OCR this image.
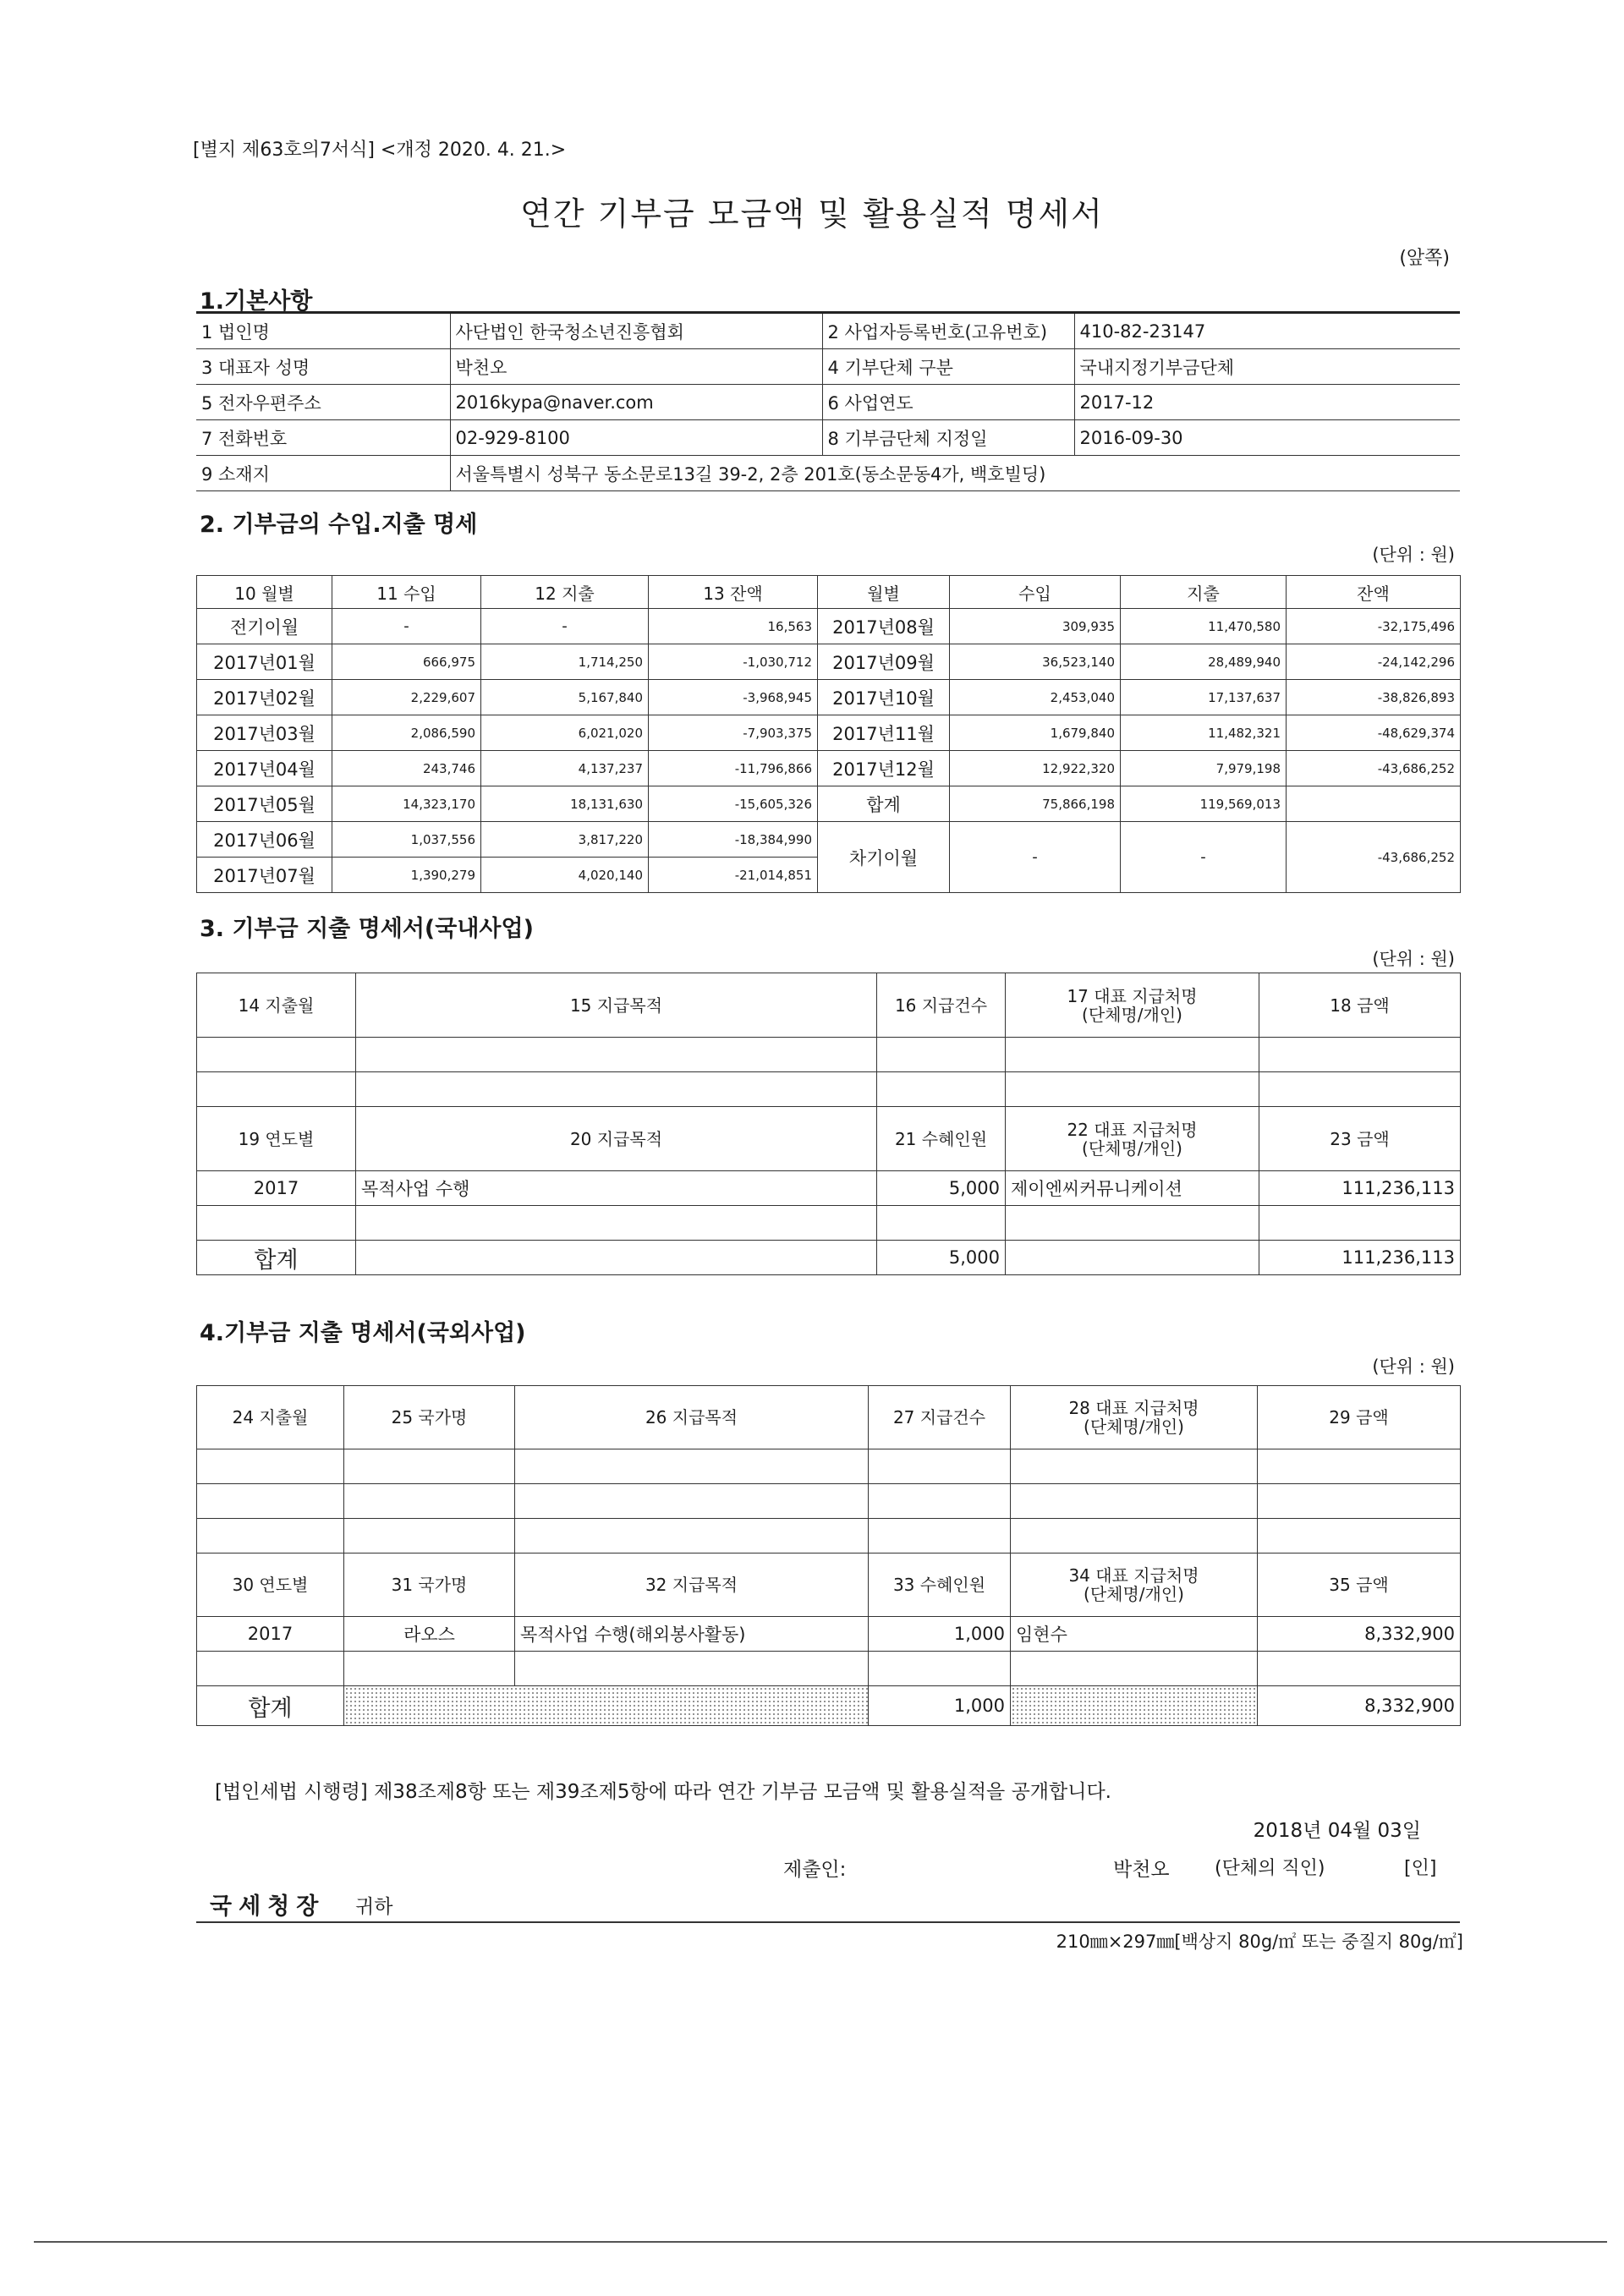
[별지 제63호의7서식] <개정 2020. 4. 21.>
연간 기부금 모금액 및 활용실적 명세서
(앞쪽)
1.기본사항
1 법인명	사단법인 한국청소년진흥협회	2 사업자등록번호(고유번호)	410-82-23147
3 대표자 성명	박천오	4 기부단체 구분	국내지정기부금단체
5 전자우편주소	2016kypa@naver.com	6 사업연도	2017-12
7 전화번호	02-929-8100	8 기부금단체 지정일	2016-09-30
9 소재지	서울특별시 성북구 동소문로13길 39-2, 2층 201호(동소문동4가, 백호빌딩)		
2. 기부금의 수입.지출 명세
(단위 : 원)
10 월별	11 수입	12 지출	13 잔액	월별	수입	지출	잔액
전기이월	-	-	16,563	2017년08월	309,935	11,470,580	-32,175,496
2017년01월	666,975	1,714,250	-1,030,712	2017년09월	36,523,140	28,489,940	-24,142,296
2017년02월	2,229,607	5,167,840	-3,968,945	2017년10월	2,453,040	17,137,637	-38,826,893
2017년03월	2,086,590	6,021,020	-7,903,375	2017년11월	1,679,840	11,482,321	-48,629,374
2017년04월	243,746	4,137,237	-11,796,866	2017년12월	12,922,320	7,979,198	-43,686,252
2017년05월	14,323,170	18,131,630	-15,605,326	합계	75,866,198	119,569,013	
2017년06월	1,037,556	3,817,220	-18,384,990	차기이월	-	-	-43,686,252
2017년07월	1,390,279	4,020,140	-21,014,851				
3. 기부금 지출 명세서(국내사업)
(단위 : 원)
14 지출월	15 지급목적	16 지급건수	17 대표 지급처명
(단체명/개인)	18 금액

19 연도별	20 지급목적	21 수혜인원	22 대표 지급처명
(단체명/개인)	23 금액
2017	목적사업 수행	5,000	제이엔씨커뮤니케이션	111,236,113

합계		5,000		111,236,113
4.기부금 지출 명세서(국외사업)
(단위 : 원)
24 지출월	25 국가명	26 지급목적	27 지급건수	28 대표 지급처명
(단체명/개인)	29 금액

30 연도별	31 국가명	32 지급목적	33 수혜인원	34 대표 지급처명
(단체명/개인)	35 금액
2017	라오스	목적사업 수행(해외봉사활동)	1,000	임현수	8,332,900

합계			1,000		8,332,900
[법인세법 시행령] 제38조제8항 또는 제39조제5항에 따라 연간 기부금 모금액 및 활용실적을 공개합니다.
2018년 04월 03일
제출인:	박천오 (단체의 직인)	[인]
국세청장 귀하
210㎜×297㎜[백상지 80g/㎡ 또는 중질지 80g/㎡]
